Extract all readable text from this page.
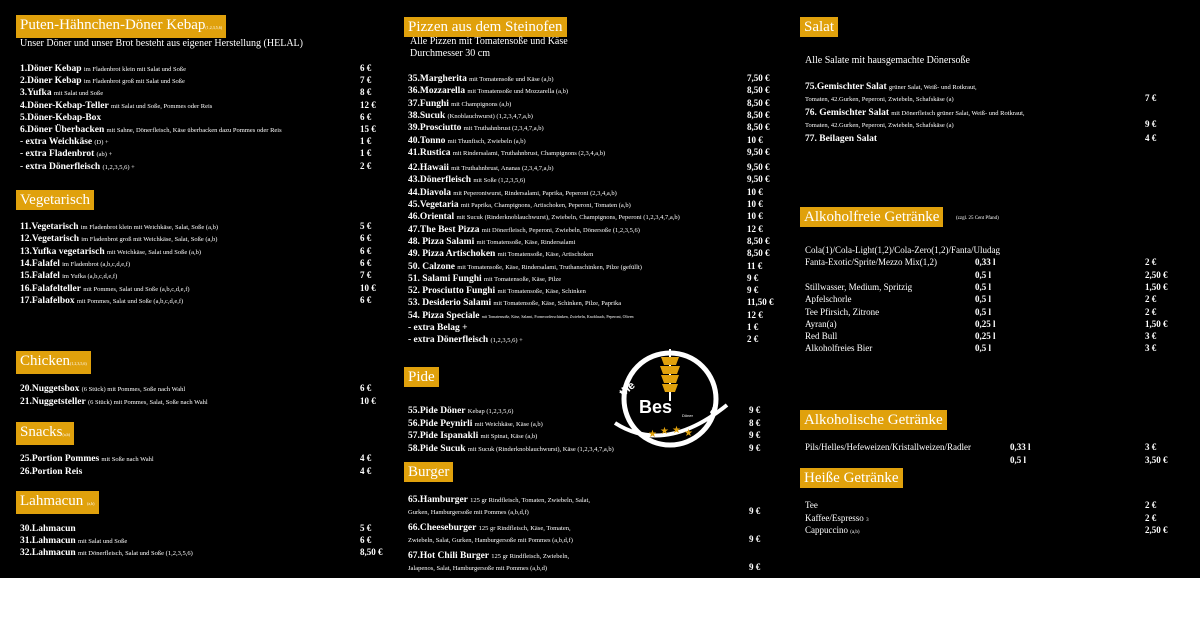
Puten-Hähnchen-Döner Kebap(1,2,3,5,6)
Unser Döner und unser Brot besteht aus eigener Herstellung (HELAL)
1.Döner Kebap im Fladenbrot klein mit Salat und Soße	6 €
2.Döner Kebap im Fladenbrot groß mit Salat und Soße	7 €
3.Yufka mit Salat und Soße	8 €
4.Döner-Kebap-Teller mit Salat und Soße, Pommes oder Reis	12 €
5.Döner-Kebap-Box	6 €
6.Döner Überbacken mit Sahne, Dönerfleisch, Käse überbacken dazu Pommes oder Reis	15 €
- extra Weichkäse (D) +	1 €
- extra Fladenbrot (ab) +	1 €
- extra Dönerfleisch (1,2,3,5,6) +	2 €
Vegetarisch
11.Vegetarisch im Fladenbrot klein mit Weichkäse, Salat, Soße (a,b)	5 €
12.Vegetarisch im Fladenbrot groß mit Weichkäse, Salat, Soße (a,b)	6 €
13.Yufka vegetarisch mit Weichkäse, Salat und Soße (a,b)	6 €
14.Falafel im Fladenbrot (a,b,c,d,e,f)	6 €
15.Falafel im Yufka (a,b,c,d,e,f)	7 €
16.Falafelteller mit Pommes, Salat und Soße (a,b,c,d,e,f)	10 €
17.Falafelbox mit Pommes, Salat und Soße (a,b,c,d,e,f)	6 €
Chicken(1,2,3,5,6)
20.Nuggetsbox (6 Stück) mit Pommes, Soße nach Wahl	6 €
21.Nuggetsteller (6 Stück) mit Pommes, Salat, Soße nach Wahl	10 €
Snacks(a,b)
25.Portion Pommes mit Soße nach Wahl	4 €
26.Portion Reis	4 €
Lahmacun (a,b)
30.Lahmacun	5 €
31.Lahmacun mit Salat und Soße	6 €
32.Lahmacun mit Dönerfleisch, Salat und Soße (1,2,3,5,6)	8,50 €
Pizzen aus dem Steinofen
Alle Pizzen mit Tomatensoße und Käse
Durchmesser 30 cm
35.Margherita mit Tomatensoße und Käse (a,b)	7,50 €
36.Mozzarella mit Tomatensoße und Mozzarella (a,b)	8,50 €
37.Funghi mit Champignons (a,b)	8,50 €
38.Sucuk (Knoblauchwurst) (1,2,3,4,7,a,b)	8,50 €
39.Prosciutto mit Truthahnbrust (2,3,4,7,a,b)	8,50 €
40.Tonno mit Thunfisch, Zwiebeln (a,b)	10 €
41.Rustica mit Rindersalami, Truthahnbrust, Champignons (2,3,4,a,b)	9,50 €
42.Hawaii mit Truthahnbrust, Ananas (2,3,4,7,a,b)	9,50 €
43.Dönerfleisch mit Soße (1,2,3,5,6)	9,50 €
44.Diavola mit Peperoniwurst, Rindersalami, Paprika, Peperoni (2,3,4,a,b)	10 €
45.Vegetaria mit Paprika, Champignons, Artischoken, Peperoni, Tomaten (a,b)	10 €
46.Oriental mit Sucuk (Rinderknoblauchwurst), Zwiebeln, Champignons, Peperoni (1,2,3,4,7,a,b)	10 €
47.The Best Pizza mit Dönerfleisch, Peperoni, Zwiebeln, Dönersoße (1,2,3,5,6)	12 €
48. Pizza Salami mit Tomatensoße, Käse, Rindersalami	8,50 €
49. Pizza Artischoken mit Tomatensoße, Käse, Artischoken	8,50 €
50. Calzone mit Tomatensoße, Käse, Rindersalami, Truthanschinken, Pilze (gefüllt)	11 €
51. Salami Funghi mit Tomatensoße, Käse, Pilze	9 €
52. Prosciutto Funghi mit Tomatensoße, Käse, Schinken	9 €
53. Desiderio Salami mit Tomatensoße, Käse, Schinken, Pilze, Paprika	11,50 €
54. Pizza Speciale mit Tomatensoße, Käse, Salami, Formvorderschinken, Zwiebeln, Knoblauch, Peperoni, Oliven	12 €
- extra Belag +	1 €
- extra Dönerfleisch (1,2,3,5,6) +	2 €
Pide
55.Pide Döner Kebap (1,2,3,5,6)	9 €
56.Pide Peynirli mit Weichkäse, Käse (a,b)	8 €
57.Pide Ispanakli mit Spinat, Käse (a,b)	9 €
58.Pide Sucuk mit Sucuk (Rinderknoblauchwurst), Käse (1,2,3,4,7,a,b)	9 €
Burger
65.Hamburger 125 gr Rindfleisch, Tomaten, Zwiebeln, Salat,
Gurken, Hamburgersoße mit Pommes (a,b,d,f)	9 €
66.Cheeseburger 125 gr Rindfleisch, Käse, Tomaten,
Zwiebeln, Salat, Gurken, Hamburgersoße mit Pommes (a,b,d,f)	9 €
67.Hot Chili Burger 125 gr Rindfleisch, Zwiebeln,
Jalapenos, Salat, Hamburgersoße mit Pommes (a,b,d)	9 €
the
Bes	t
Döner
★ ★ ★ ★
Salat
Alle Salate mit hausgemachte Dönersoße
75.Gemischter Salat grüner Salat, Weiß- und Rotkraut,
Tomaten, 42.Gurken, Peperoni, Zwiebeln, Schafskäse (a)	7 €
76. Gemischter Salat mit Dönerfleisch grüner Salat, Weiß- und Rotkraut,
Tomaten, 42.Gurken, Peperoni, Zwiebeln, Schafskäse (a)	9 €
77. Beilagen Salat	4 €
Alkoholfreie Getränke	(zzgl. 25 Cent Pfand)
Cola(1)/Cola-Light(1,2)/Cola-Zero(1,2)/Fanta/Uludag
Fanta-Exotic/Sprite/Mezzo Mix(1,2)	0,33 l	2 €
0,5 l	2,50 €
Stillwasser, Medium, Spritzig	0,5 l	1,50 €
Apfelschorle	0,5 l	2 €
Tee Pfirsich, Zitrone	0,5 l	2 €
Ayran(a)	0,25 l	1,50 €
Red Bull	0,25 l	3 €
Alkoholfreies Bier	0,5 l	3 €
Alkoholische Getränke
Pils/Helles/Hefeweizen/Kristallweizen/Radler	0,33 l	3 €
0,5 l	3,50 €
Heiße Getränke
Tee	2 €
Kaffee/Espresso 3	2 €
Cappuccino (a,b)	2,50 €
